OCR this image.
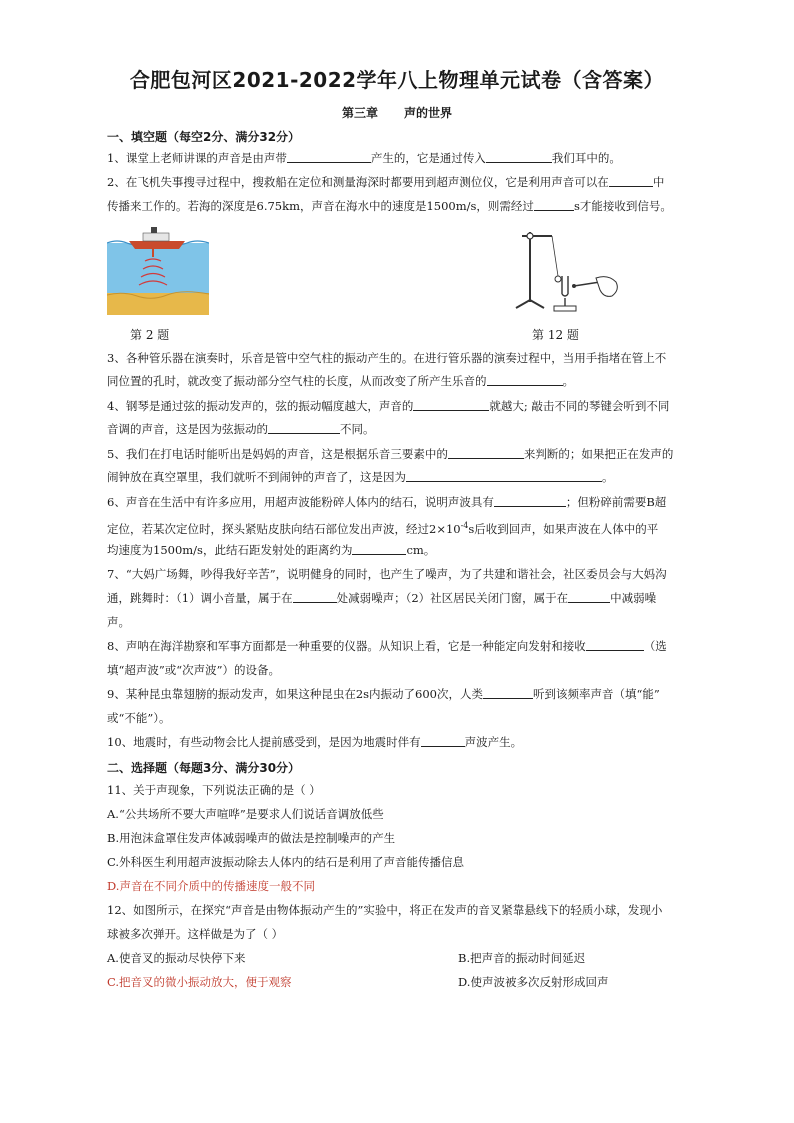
合肥包河区2021-2022学年八上物理单元试卷（含答案）
第三章 声的世界
一、填空题（每空2分、满分32分）
1、课堂上老师讲课的声音是由声带	产生的，它是通过传入	我们耳中的。
2、在飞机失事搜寻过程中，搜救船在定位和测量海深时都要用到超声测位仪，它是利用声音可以在	中
传播来工作的。若海的深度是6.75km，声音在海水中的速度是1500m/s，则需经过	s才能接收到信号。
第 2 题	第 12 题
3、各种管乐器在演奏时，乐音是管中空气柱的振动产生的。在进行管乐器的演奏过程中，当用手指堵在管上不
同位置的孔时，就改变了振动部分空气柱的长度，从而改变了所产生乐音的	。
4、钢琴是通过弦的振动发声的，弦的振动幅度越大，声音的	就越大; 敲击不同的琴键会听到不同
音调的声音，这是因为弦振动的	不同。
5、我们在打电话时能听出是妈妈的声音，这是根据乐音三要素中的	来判断的；如果把正在发声的
闹钟放在真空罩里，我们就听不到闹钟的声音了，这是因为	。
6、声音在生活中有许多应用，用超声波能粉碎人体内的结石，说明声波具有	；但粉碎前需要B超
定位，若某次定位时，探头紧贴皮肤向结石部位发出声波，经过$2\times 10^{-4}s$后收到回声，如果声波在人体中的平
均速度为1500m/s，此结石距发射处的距离约为	cm。
7、“大妈广场舞，吵得我好辛苦”，说明健身的同时，也产生了噪声，为了共建和谐社会，社区委员会与大妈沟
通，跳舞时：（1）调小音量，属于在	处减弱噪声；（2）社区居民关闭门窗，属于在	中减弱噪
声。
8、声呐在海洋勘察和军事方面都是一种重要的仪器。从知识上看，它是一种能定向发射和接收	（选
填“超声波”或“次声波”）的设备。
9、某种昆虫靠翅膀的振动发声，如果这种昆虫在2s内振动了600次，人类	听到该频率声音（填“能”
或“不能”）。
10、地震时，有些动物会比人提前感受到，是因为地震时伴有	声波产生。
二、选择题（每题3分、满分30分）
11、关于声现象，下列说法正确的是（ ）
A.“公共场所不要大声喧哗”是要求人们说话音调放低些
B.用泡沫盒罩住发声体减弱噪声的做法是控制噪声的产生
C.外科医生利用超声波振动除去人体内的结石是利用了声音能传播信息
D.声音在不同介质中的传播速度一般不同
12、如图所示，在探究“声音是由物体振动产生的”实验中，将正在发声的音叉紧靠悬线下的轻质小球，发现小
球被多次弹开。这样做是为了（ ）
A.使音叉的振动尽快停下来	B.把声音的振动时间延迟
C.把音叉的微小振动放大，便于观察	D.使声波被多次反射形成回声
